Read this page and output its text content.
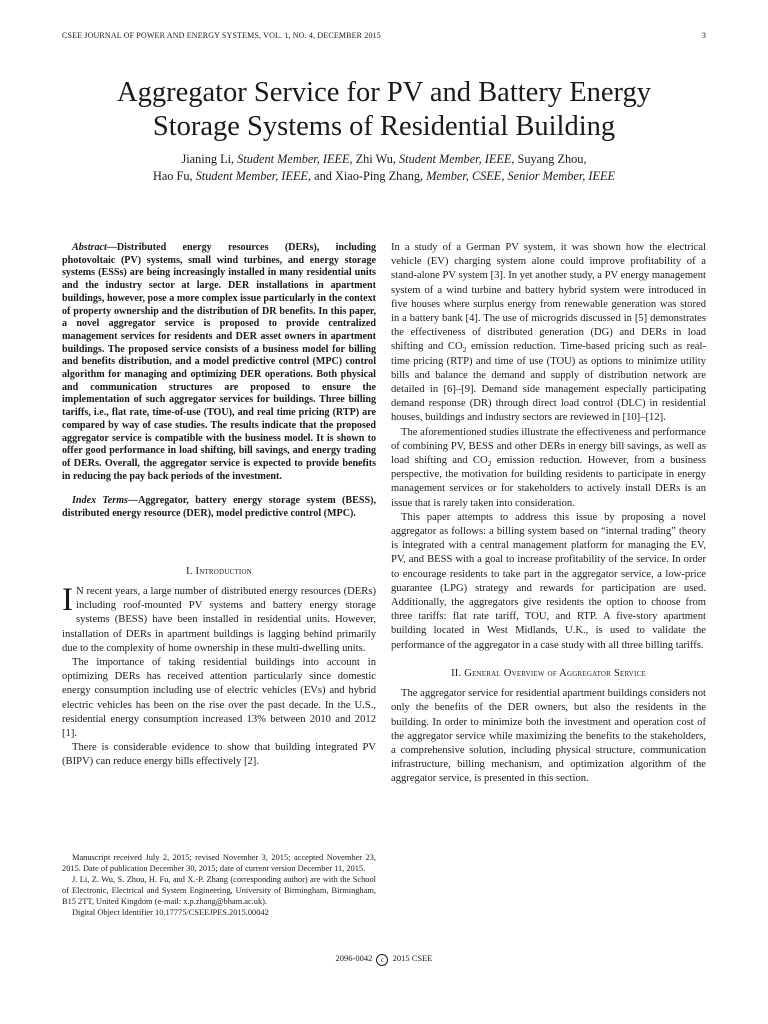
CSEE JOURNAL OF POWER AND ENERGY SYSTEMS, VOL. 1, NO. 4, DECEMBER 2015	3
Aggregator Service for PV and Battery Energy
Storage Systems of Residential Building
Jianing Li, Student Member, IEEE, Zhi Wu, Student Member, IEEE, Suyang Zhou,
Hao Fu, Student Member, IEEE, and Xiao-Ping Zhang, Member, CSEE, Senior Member, IEEE

Abstract—Distributed energy resources (DERs), including photovoltaic (PV) systems, small wind turbines, and energy storage systems (ESSs) are being increasingly installed in many residential units and the industry sector at large. DER installations in apartment buildings, however, pose a more complex issue particularly in the context of property ownership and the distribution of DR benefits. In this paper, a novel aggregator service is proposed to provide centralized management services for residents and DER asset owners in apartment buildings. The proposed service consists of a business model for billing and benefits distribution, and a model predictive control (MPC) control algorithm for managing and optimizing DER operations. Both physical and communication structures are proposed to ensure the implementation of such aggregator services for buildings. Three billing tariffs, i.e., flat rate, time-of-use (TOU), and real time pricing (RTP) are compared by way of case studies. The results indicate that the proposed aggregator service is compatible with the business model. It is shown to offer good performance in load shifting, bill savings, and energy trading of DERs. Overall, the aggregator service is expected to provide benefits in reducing the pay back periods of the investment.

Index Terms—Aggregator, battery energy storage system (BESS), distributed energy resource (DER), model predictive control (MPC).

I. Introduction

I N recent years, a large number of distributed energy resources (DERs) including roof-mounted PV systems and battery energy storage systems (BESS) have been installed in residential units. However, installation of DERs in apartment buildings is lagging behind primarily due to the complexity of home ownership in these multi-dwelling units.

The importance of taking residential buildings into account in optimizing DERs has received attention particularly since domestic energy consumption including use of electric vehicles (EVs) and hybrid electric vehicles has been on the rise over the past decade. In the U.S., residential energy consumption increased 13% between 2010 and 2012 [1].

There is considerable evidence to show that building integrated PV (BIPV) can reduce energy bills effectively [2].

Manuscript received July 2, 2015; revised November 3, 2015; accepted November 23, 2015. Date of publication December 30, 2015; date of current version December 11, 2015.

J. Li, Z. Wu, S. Zhou, H. Fu, and X.-P. Zhang (corresponding author) are with the School of Electronic, Electrical and System Engineering, University of Birmingham, Birmingham, B15 2TT, United Kingdom (e-mail: x.p.zhang@bham.ac.uk).

Digital Object Identifier 10.17775/CSEEJPES.2015.00042

In a study of a German PV system, it was shown how the electrical vehicle (EV) charging system alone could improve profitability of a stand-alone PV system [3]. In yet another study, a PV energy management system of a wind turbine and battery hybrid system were introduced in five houses where surplus energy from renewable generation was stored in a battery bank [4]. The use of microgrids discussed in [5] demonstrates the effectiveness of distributed generation (DG) and DERs in load shifting and $CO_2$ emission reduction. Time-based pricing such as real-time pricing (RTP) and time of use (TOU) as options to minimize utility bills and balance the demand and supply of distribution network are detailed in [6]–[9]. Demand side management especially participating demand response (DR) through direct load control (DLC) in residential houses, buildings and industry sectors are reviewed in [10]–[12].

The aforementioned studies illustrate the effectiveness and performance of combining PV, BESS and other DERs in energy bill savings, as well as load shifting and $CO_2$ emission reduction. However, from a business perspective, the motivation for building residents to participate in energy management services or for stakeholders to actively install DERs is an issue that is rarely taken into consideration.

This paper attempts to address this issue by proposing a novel aggregator as follows: a billing system based on “internal trading” theory is integrated with a central management platform for managing the EV, PV, and BESS with a goal to increase profitability of the service. In order to encourage residents to take part in the aggregator service, a low-price guarantee (LPG) strategy and rewards for participation are used. Additionally, the aggregators give residents the option to choose from three tariffs: flat rate tariff, TOU, and RTP. A five-story apartment building located in West Midlands, U.K., is used to validate the performance of the aggregator in a case study with all three billing tariffs.

II. General Overview of Aggregator Service

The aggregator service for residential apartment buildings considers not only the benefits of the DER owners, but also the residents in the building. In order to minimize both the investment and operation cost of the aggregator service while maximizing the benefits to the stakeholders, a comprehensive solution, including physical structure, communication infrastructure, billing mechanism, and optimization algorithm of the aggregator service, is presented in this section.

2096-0042 c 2015 CSEE
